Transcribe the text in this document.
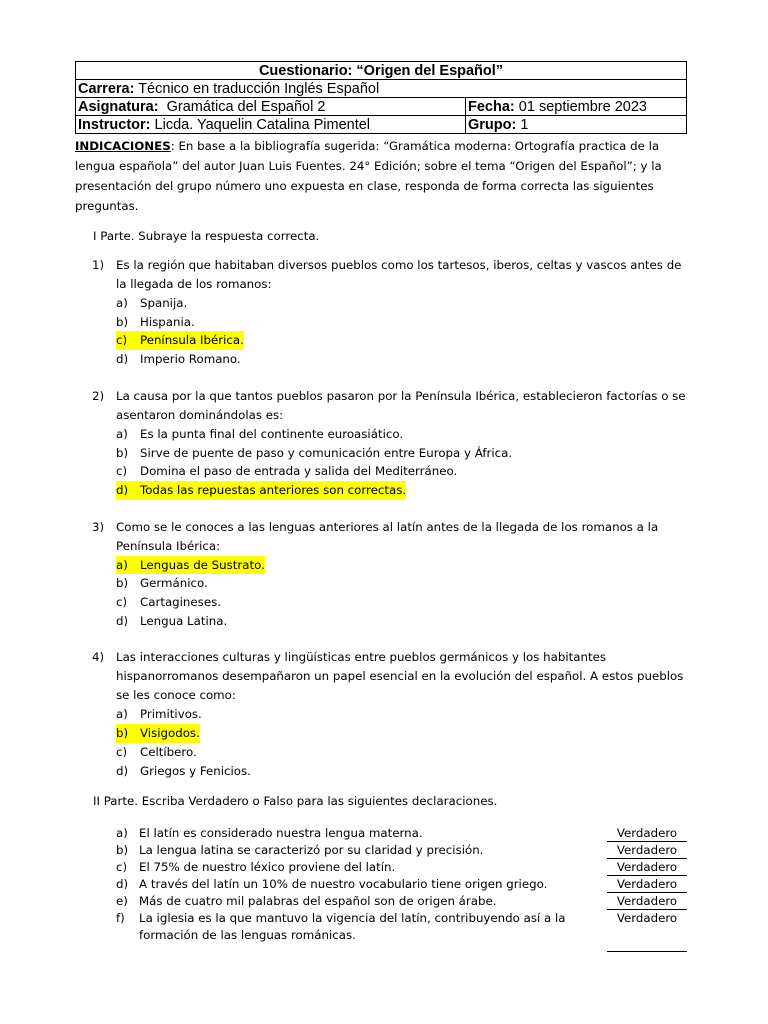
Cuestionario: “Origen del Español”	
Carrera: Técnico en traducción Inglés Español	
Asignatura: Gramática del Español 2	Fecha: 01 septiembre 2023
Instructor: Licda. Yaquelin Catalina Pimentel	Grupo: 1
INDICACIONES: En base a la bibliografía sugerida: “Gramática moderna: Ortografía practica de la lengua española” del autor Juan Luis Fuentes. 24° Edición; sobre el tema “Origen del Español”; y la presentación del grupo número uno expuesta en clase, responda de forma correcta las siguientes preguntas.
I Parte. Subraye la respuesta correcta.
1) Es la región que habitaban diversos pueblos como los tartesos, iberos, celtas y vascos antes de la llegada de los romanos:
a) Spanija.
b) Hispania.
c) Península Ibérica.
d) Imperio Romano.
2) La causa por la que tantos pueblos pasaron por la Península Ibérica, establecieron factorías o se asentaron dominándolas es:
a) Es la punta final del continente euroasiático.
b) Sirve de puente de paso y comunicación entre Europa y África.
c) Domina el paso de entrada y salida del Mediterráneo.
d) Todas las repuestas anteriores son correctas.
3) Como se le conoces a las lenguas anteriores al latín antes de la llegada de los romanos a la Península Ibérica:
a) Lenguas de Sustrato.
b) Germánico.
c) Cartagineses.
d) Lengua Latina.
4) Las interacciones culturas y lingüísticas entre pueblos germánicos y los habitantes hispanorromanos desempañaron un papel esencial en la evolución del español. A estos pueblos se les conoce como:
a) Primitivos.
b) Visigodos.
c) Celtíbero.
d) Griegos y Fenicios.
II Parte. Escriba Verdadero o Falso para las siguientes declaraciones.
a) El latín es considerado nuestra lengua materna.	Verdadero
b) La lengua latina se caracterizó por su claridad y precisión.	Verdadero
c) El 75% de nuestro léxico proviene del latín.	Verdadero
d) A través del latín un 10% de nuestro vocabulario tiene origen griego.	Verdadero
e) Más de cuatro mil palabras del español son de origen árabe.	Verdadero
f) La iglesia es la que mantuvo la vigencia del latín, contribuyendo así a la	Verdadero
formación de las lenguas románicas.
